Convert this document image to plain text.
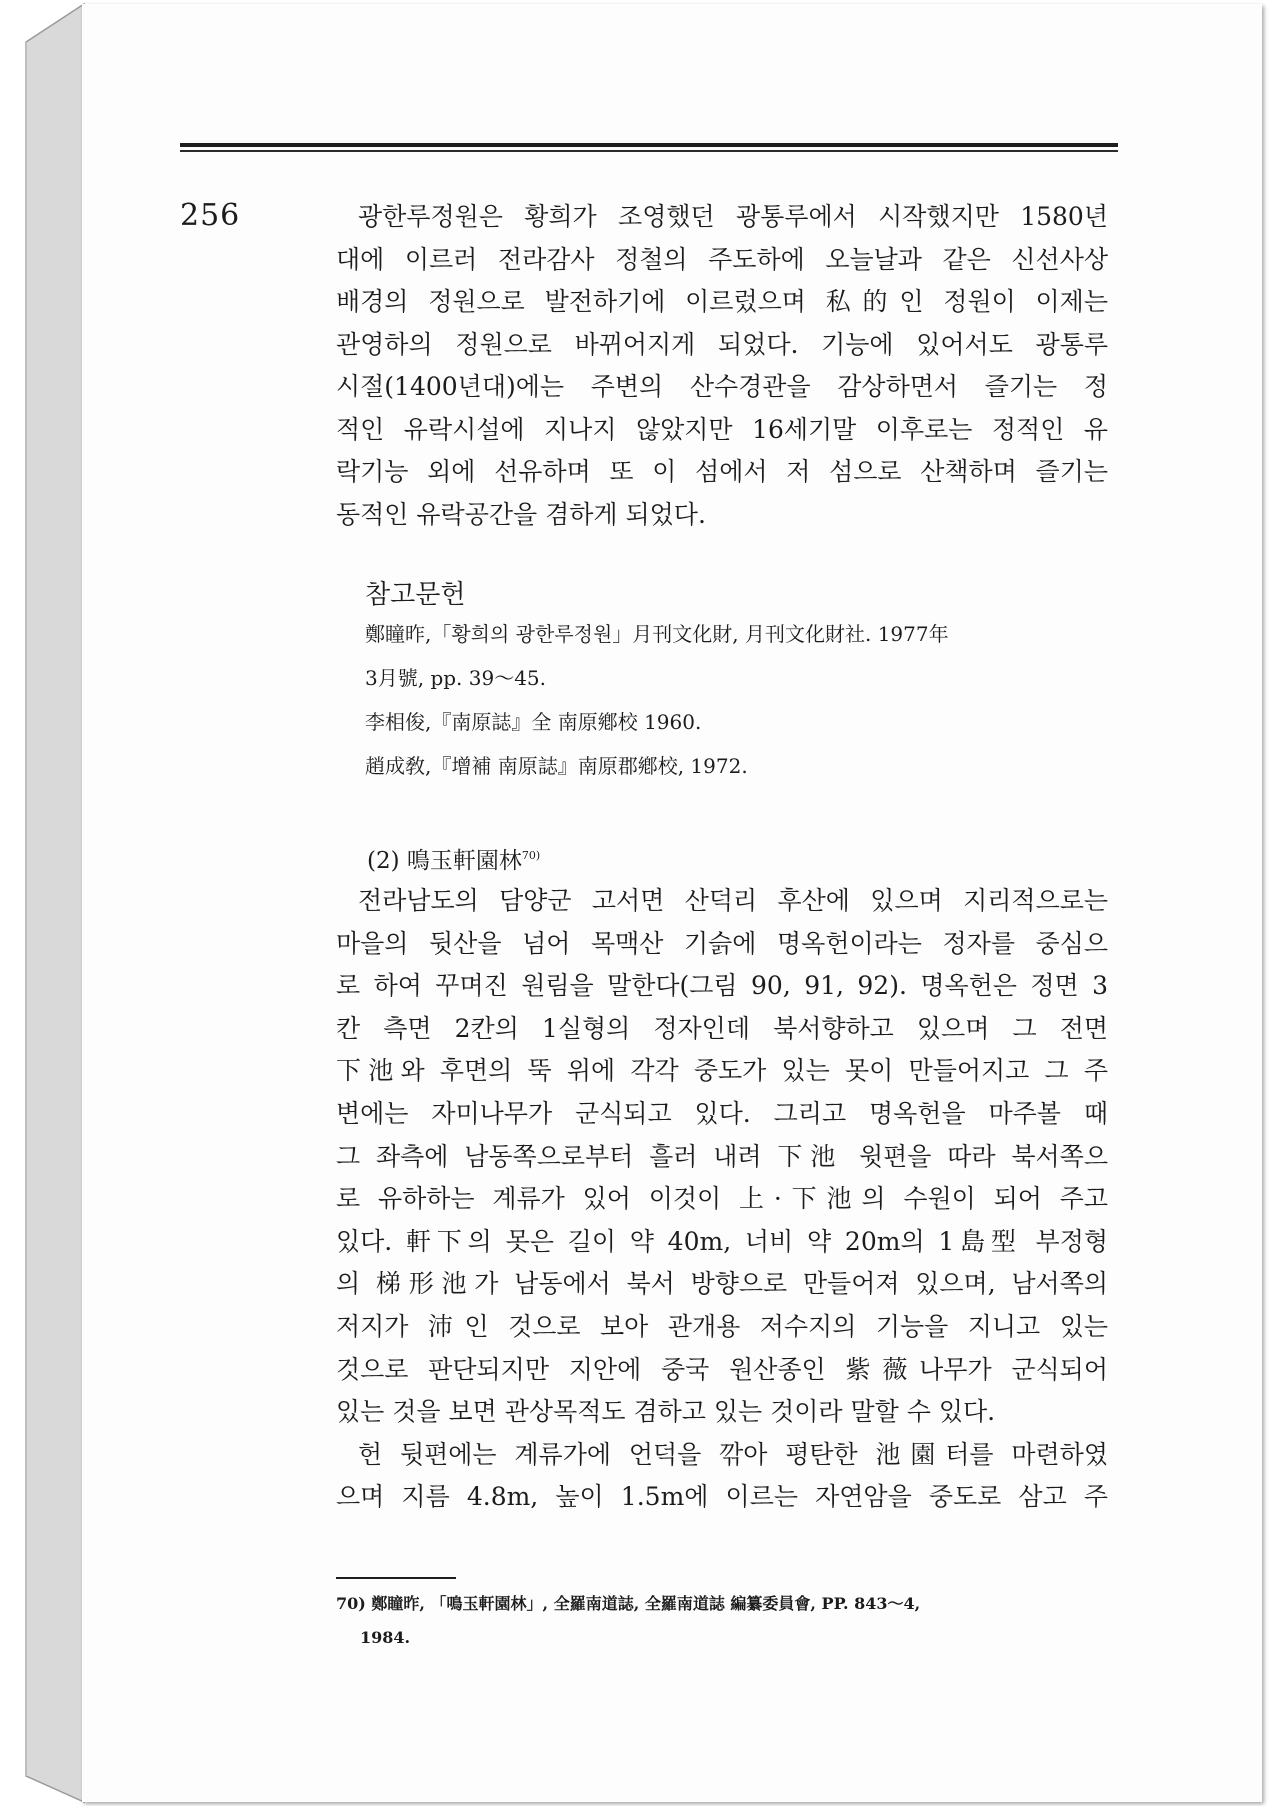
256	광한루정원은 황희가 조영했던 광통루에서 시작했지만 1580년
대에 이르러 전라감사 정철의 주도하에 오늘날과 같은 신선사상
배경의 정원으로 발전하기에 이르렀으며 私的인 정원이 이제는
관영하의 정원으로 바뀌어지게 되었다. 기능에 있어서도 광통루
시절(1400년대)에는 주변의 산수경관을 감상하면서 즐기는 정
적인 유락시설에 지나지 않았지만 16세기말 이후로는 정적인 유
락기능 외에 선유하며 또 이 섬에서 저 섬으로 산책하며 즐기는
동적인 유락공간을 겸하게 되었다.
참고문헌
鄭瞳昨,「황희의 광한루정원」月刊文化財, 月刊文化財社. 1977年
3月號, pp. 39～45.
李相俊,『南原誌』全 南原鄕校 1960.
趙成敎,『增補 南原誌』南原郡鄕校, 1972.
(2) 鳴玉軒園林$^{70)}$
전라남도의 담양군 고서면 산덕리 후산에 있으며 지리적으로는
마을의 뒷산을 넘어 목맥산 기슭에 명옥헌이라는 정자를 중심으
로 하여 꾸며진 원림을 말한다(그림 90, 91, 92). 명옥헌은 정면 3
칸 측면 2칸의 1실형의 정자인데 북서향하고 있으며 그 전면
下池와 후면의 뚝 위에 각각 중도가 있는 못이 만들어지고 그 주
변에는 자미나무가 군식되고 있다. 그리고 명옥헌을 마주볼 때
그 좌측에 남동쪽으로부터 흘러 내려 下池 윗편을 따라 북서쪽으
로 유하하는 계류가 있어 이것이 上·下池의 수원이 되어 주고
있다. 軒下의 못은 길이 약 40m, 너비 약 20m의 1島型 부정형
의 梯形池가 남동에서 북서 방향으로 만들어져 있으며, 남서쪽의
저지가 沛인 것으로 보아 관개용 저수지의 기능을 지니고 있는
것으로 판단되지만 지안에 중국 원산종인 紫薇나무가 군식되어
있는 것을 보면 관상목적도 겸하고 있는 것이라 말할 수 있다.
헌 뒷편에는 계류가에 언덕을 깎아 평탄한 池園터를 마련하였
으며 지름 4.8m, 높이 1.5m에 이르는 자연암을 중도로 삼고 주
70) 鄭瞳昨, 「鳴玉軒園林」, 全羅南道誌, 全羅南道誌 編纂委員會, PP. 843～4,
1984.
